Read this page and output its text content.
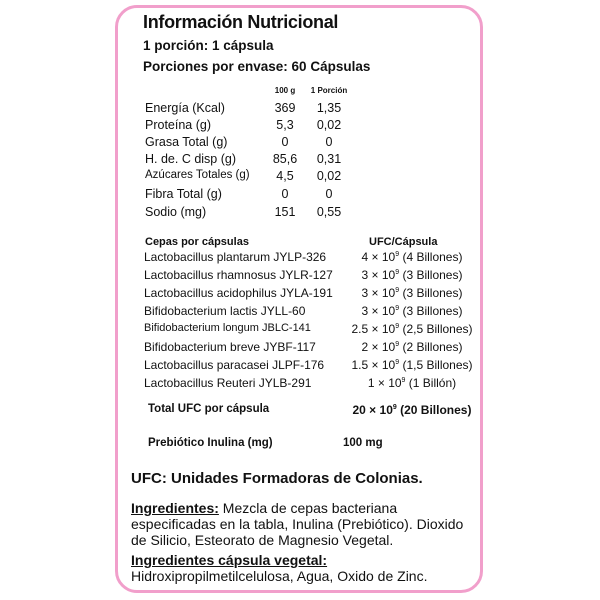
Información Nutricional
1 porción: 1 cápsula
Porciones por envase: 60 Cápsulas
100 g	1 Porción
Energía (Kcal)	369	1,35
Proteína (g)	5,3	0,02
Grasa Total (g)	0	0
H. de. C disp (g)	85,6	0,31
Azúcares Totales (g)	4,5	0,02
Fibra Total (g)	0	0
Sodio (mg)	151	0,55
Cepas por cápsulas	UFC/Cápsula
Lactobacillus plantarum JYLP-326	$4 \times 10^9$ (4 Billones)
Lactobacillus rhamnosus JYLR-127	$3 \times 10^9$ (3 Billones)
Lactobacillus acidophilus JYLA-191	$3 \times 10^9$ (3 Billones)
Bifidobacterium lactis JYLL-60	$3 \times 10^9$ (3 Billones)
Bifidobacterium longum JBLC-141	$2.5 \times 10^9$ (2,5 Billones)
Bifidobacterium breve JYBF-117	$2 \times 10^9$ (2 Billones)
Lactobacillus paracasei JLPF-176	$1.5 \times 10^9$ (1,5 Billones)
Lactobacillus Reuteri JYLB-291	$1 \times 10^9$ (1 Billón)
Total UFC por cápsula	$20 \times 10^9$ (20 Billones)
Prebiótico Inulina (mg)	100 mg
UFC: Unidades Formadoras de Colonias.
Ingredientes: Mezcla de cepas bacteriana especificadas en la tabla, Inulina (Prebiótico). Dioxido de Silicio, Esteorato de Magnesio Vegetal.
Ingredientes cápsula vegetal:
Hidroxipropilmetilcelulosa, Agua, Oxido de Zinc.
